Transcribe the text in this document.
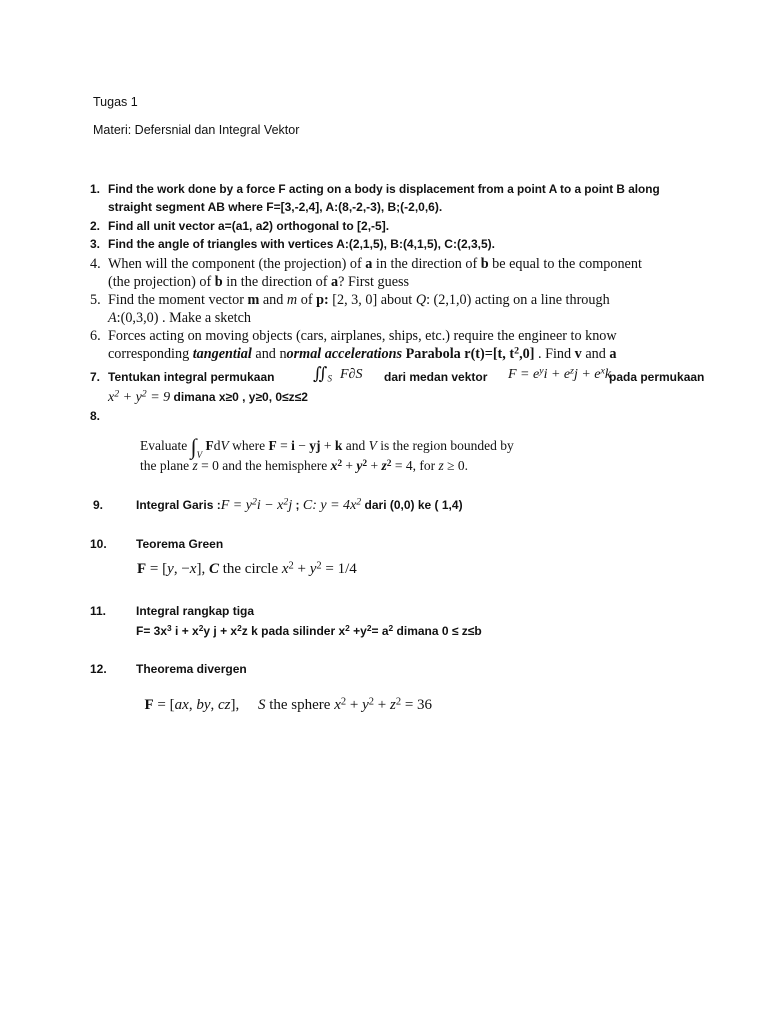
Tugas 1
Materi: Defersnial dan Integral Vektor
1. Find the work done by a force F acting on a body is displacement from a point A to a point B along
straight segment AB where F=[3,-2,4], A:(8,-2,-3), B;(-2,0,6).
2. Find all unit vector a=(a1, a2) orthogonal to [2,-5].
3. Find the angle of triangles with vertices A:(2,1,5), B:(4,1,5), C:(2,3,5).
4. When will the component (the projection) of a in the direction of b be equal to the component
(the projection) of b in the direction of a? First guess
5. Find the moment vector m and m of p: [2, 3, 0] about Q: (2,1,0) acting on a line through
A:(0,3,0) . Make a sketch
6. Forces acting on moving objects (cars, airplanes, ships, etc.) require the engineer to know
corresponding tangential and normal accelerations Parabola r(t)=[t, $t^2,0$] . Find v and a
7. Tentukan integral permukaan $∬_S$ F∂S dari medan vektor $F = e^yi + e^zj + e^xk$
pada permukaan
$x^2 + y^2 = 9$ dimana x≥0 , y≥0, 0≤z≤2
8.
Evaluate $\int_V$ FdV where F = i − yj + k and V is the region bounded by
the plane z = 0 and the hemisphere $x^2 + y^2 + z^2 = 4$, for z ≥ 0.
9.	Integral Garis :F = $y^2i - x^2j$ ; C: $y = 4x^2$ dari (0,0) ke ( 1,4)
10. Teorema Green
F = [y, −x], C the circle $x^2 + y^2 = 1/4$
11. Integral rangkap tiga
$F= 3x^3$ $i + x^2y$ $j + x^2z$ k pada silinder $x^2 +y^2= a^2$ dimana 0 ≤ z≤b
12. Theorema divergen

F = [ax, by, cz],     S the sphere $x^2 + y^2 + z^2 = 36$
